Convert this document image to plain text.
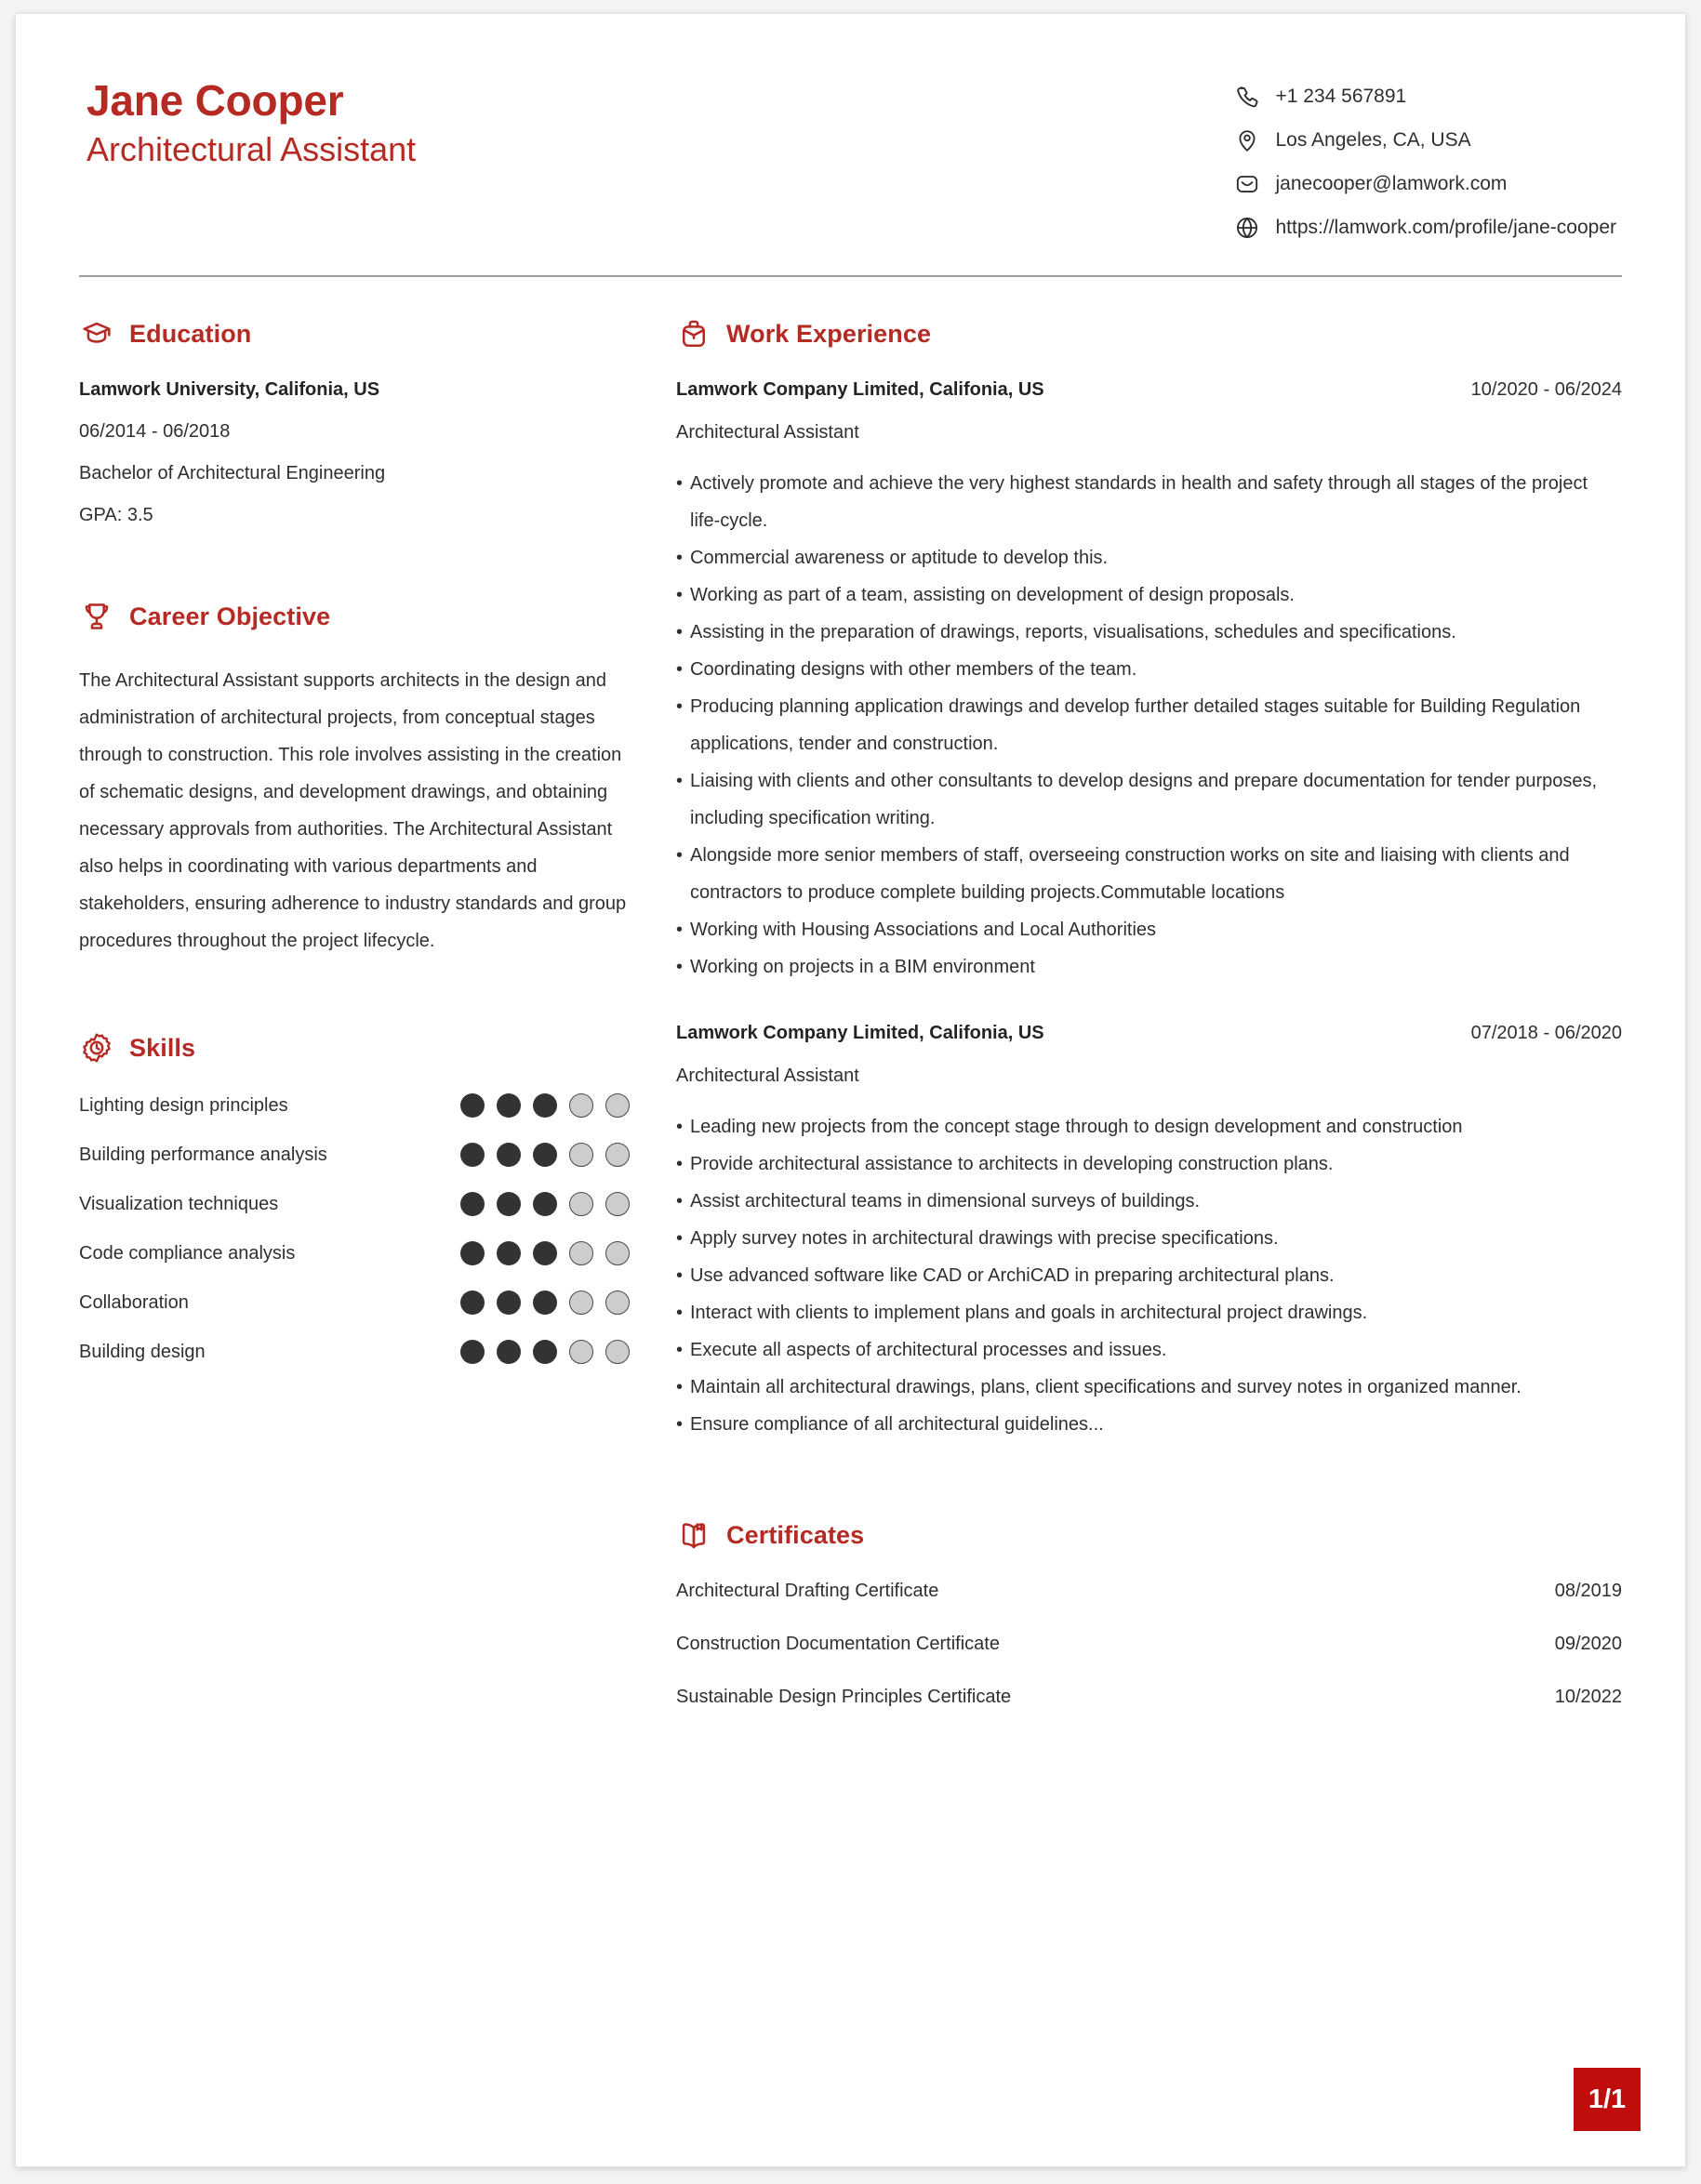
Jane Cooper
Architectural Assistant
+1 234 567891
Los Angeles, CA, USA
janecooper@lamwork.com
https://lamwork.com/profile/jane-cooper
Education
Lamwork University, Califonia, US
06/2014 - 06/2018
Bachelor of Architectural Engineering
GPA: 3.5
Career Objective
The Architectural Assistant supports architects in the design and administration of architectural projects, from conceptual stages through to construction. This role involves assisting in the creation of schematic designs, and development drawings, and obtaining necessary approvals from authorities. The Architectural Assistant also helps in coordinating with various departments and stakeholders, ensuring adherence to industry standards and group procedures throughout the project lifecycle.
Skills
Lighting design principles
Building performance analysis
Visualization techniques
Code compliance analysis
Collaboration
Building design
Work Experience
Lamwork Company Limited, Califonia, US	10/2020 - 06/2024
Architectural Assistant
• Actively promote and achieve the very highest standards in health and safety through all stages of the project life-cycle.
• Commercial awareness or aptitude to develop this.
• Working as part of a team, assisting on development of design proposals.
• Assisting in the preparation of drawings, reports, visualisations, schedules and specifications.
• Coordinating designs with other members of the team.
• Producing planning application drawings and develop further detailed stages suitable for Building Regulation applications, tender and construction.
• Liaising with clients and other consultants to develop designs and prepare documentation for tender purposes, including specification writing.
• Alongside more senior members of staff, overseeing construction works on site and liaising with clients and contractors to produce complete building projects.Commutable locations
• Working with Housing Associations and Local Authorities
• Working on projects in a BIM environment
Lamwork Company Limited, Califonia, US	07/2018 - 06/2020
Architectural Assistant
• Leading new projects from the concept stage through to design development and construction
• Provide architectural assistance to architects in developing construction plans.
• Assist architectural teams in dimensional surveys of buildings.
• Apply survey notes in architectural drawings with precise specifications.
• Use advanced software like CAD or ArchiCAD in preparing architectural plans.
• Interact with clients to implement plans and goals in architectural project drawings.
• Execute all aspects of architectural processes and issues.
• Maintain all architectural drawings, plans, client specifications and survey notes in organized manner.
• Ensure compliance of all architectural guidelines...
Certificates
Architectural Drafting Certificate	08/2019
Construction Documentation Certificate	09/2020
Sustainable Design Principles Certificate	10/2022
1/1
